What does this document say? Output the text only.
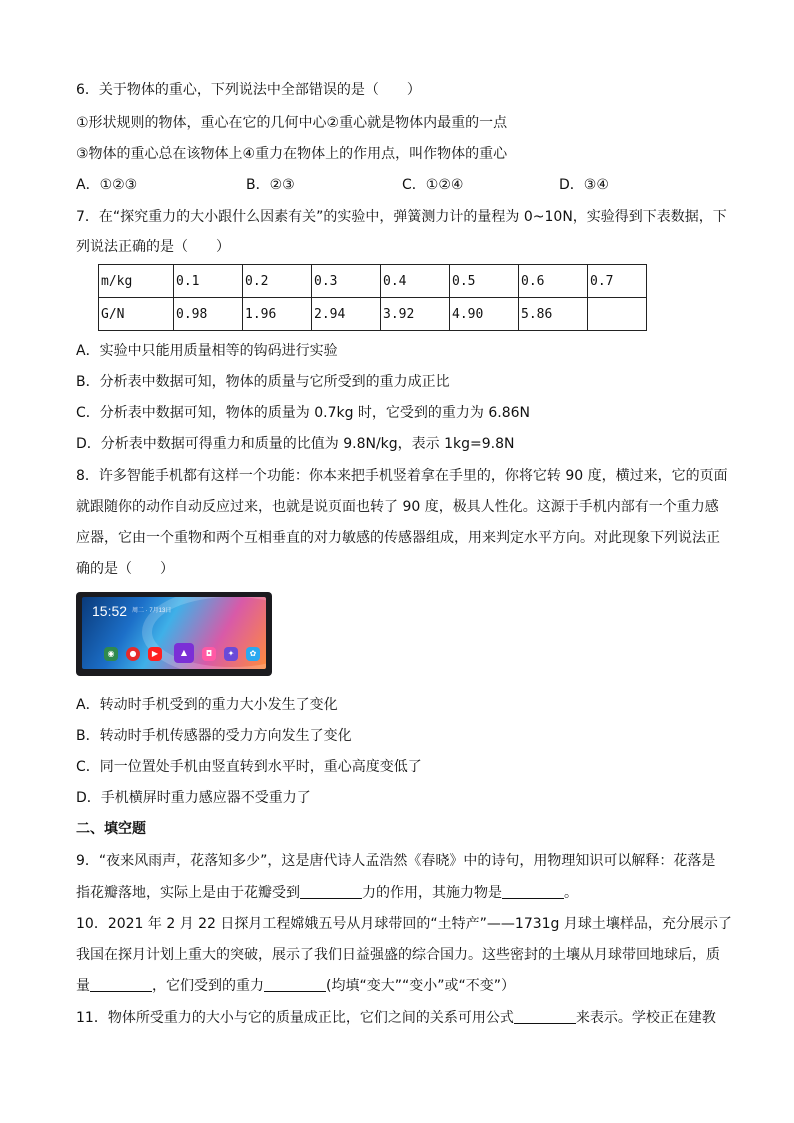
6．关于物体的重心，下列说法中全部错误的是（　　）
①形状规则的物体，重心在它的几何中心②重心就是物体内最重的一点
③物体的重心总在该物体上④重力在物体上的作用点，叫作物体的重心
A．①②③	B．②③	C．①②④	D．③④
7．在“探究重力的大小跟什么因素有关”的实验中，弹簧测力计的量程为 0~10N，实验得到下表数据，下
列说法正确的是（　　）
m/kg	0.1	0.2	0.3	0.4	0.5	0.6	0.7
G/N	0.98	1.96	2.94	3.92	4.90	5.86	
A．实验中只能用质量相等的钩码进行实验
B．分析表中数据可知，物体的质量与它所受到的重力成正比
C．分析表中数据可知，物体的质量为 0.7kg 时，它受到的重力为 6.86N
D．分析表中数据可得重力和质量的比值为 9.8N/kg，表示 1kg=9.8N
8．许多智能手机都有这样一个功能：你本来把手机竖着拿在手里的，你将它转 90 度，横过来，它的页面
就跟随你的动作自动反应过来，也就是说页面也转了 90 度，极具人性化。这源于手机内部有一个重力感
应器，它由一个重物和两个互相垂直的对力敏感的传感器组成，用来判定水平方向。对此现象下列说法正
确的是（　　）
15:52 周二 · 7月13日
◉	●	▶	▲	◘	✦	✿
A．转动时手机受到的重力大小发生了变化
B．转动时手机传感器的受力方向发生了变化
C．同一位置处手机由竖直转到水平时，重心高度变低了
D．手机横屏时重力感应器不受重力了
二、填空题
9．“夜来风雨声，花落知多少”，这是唐代诗人孟浩然《春晓》中的诗句，用物理知识可以解释：花落是
指花瓣落地，实际上是由于花瓣受到	力的作用，其施力物是	。
10．2021 年 2 月 22 日探月工程嫦娥五号从月球带回的“土特产”——1731g 月球土壤样品，充分展示了
我国在探月计划上重大的突破，展示了我们日益强盛的综合国力。这些密封的土壤从月球带回地球后，质
量	，它们受到的重力	(均填“变大”“变小”或“不变”）
11．物体所受重力的大小与它的质量成正比，它们之间的关系可用公式	来表示。学校正在建教
